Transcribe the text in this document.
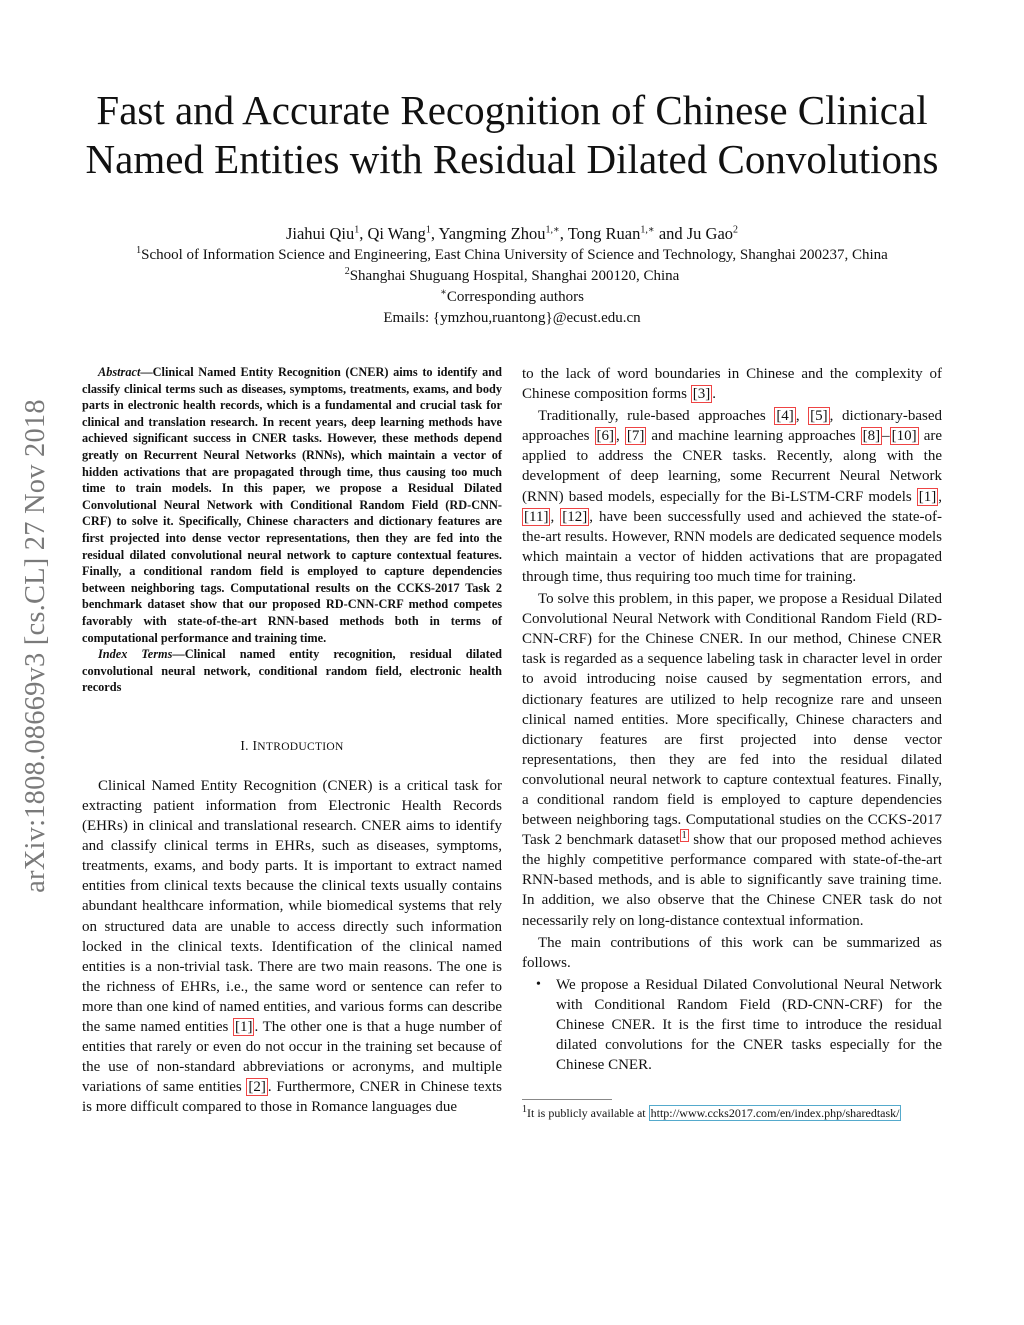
arXiv:1808.08669v3 [cs.CL] 27 Nov 2018
Fast and Accurate Recognition of Chinese Clinical
Named Entities with Residual Dilated Convolutions
Jiahui Qiu$^1$, Qi Wang$^1$, Yangming Zhou$^{1,∗}$, Tong Ruan$^{1,∗}$ and Ju Gao$^2$
$^1$School of Information Science and Engineering, East China University of Science and Technology, Shanghai 200237, China
$^2$Shanghai Shuguang Hospital, Shanghai 200120, China
∗Corresponding authors
Emails: {ymzhou,ruantong}@ecust.edu.cn

Abstract—Clinical Named Entity Recognition (CNER) aims to identify and classify clinical terms such as diseases, symptoms, treatments, exams, and body parts in electronic health records, which is a fundamental and crucial task for clinical and translation research. In recent years, deep learning methods have achieved significant success in CNER tasks. However, these methods depend greatly on Recurrent Neural Networks (RNNs), which maintain a vector of hidden activations that are propagated through time, thus causing too much time to train models. In this paper, we propose a Residual Dilated Convolutional Neural Network with Conditional Random Field (RD-CNN-CRF) to solve it. Specifically, Chinese characters and dictionary features are first projected into dense vector representations, then they are fed into the residual dilated convolutional neural network to capture contextual features. Finally, a conditional random field is employed to capture dependencies between neighboring tags. Computational results on the CCKS-2017 Task 2 benchmark dataset show that our proposed RD-CNN-CRF method competes favorably with state-of-the-art RNN-based methods both in terms of computational performance and training time.

Index Terms—Clinical named entity recognition, residual dilated convolutional neural network, conditional random field, electronic health records

I. INTRODUCTION

Clinical Named Entity Recognition (CNER) is a critical task for extracting patient information from Electronic Health Records (EHRs) in clinical and translational research. CNER aims to identify and classify clinical terms in EHRs, such as diseases, symptoms, treatments, exams, and body parts. It is important to extract named entities from clinical texts because the clinical texts usually contains abundant healthcare information, while biomedical systems that rely on structured data are unable to access directly such information locked in the clinical texts. Identification of the clinical named entities is a non-trivial task. There are two main reasons. The one is the richness of EHRs, i.e., the same word or sentence can refer to more than one kind of named entities, and various forms can describe the same named entities [1] . The other one is that a huge number of entities that rarely or even do not occur in the training set because of the use of non-standard abbreviations or acronyms, and multiple variations of same entities [2] . Furthermore, CNER in Chinese texts is more difficult compared to those in Romance languages due

to the lack of word boundaries in Chinese and the complexity of Chinese composition forms [3] .

Traditionally, rule-based approaches [4] , [5] , dictionary-based approaches [6] , [7] and machine learning approaches [8] – [10] are applied to address the CNER tasks. Recently, along with the development of deep learning, some Recurrent Neural Network (RNN) based models, especially for the Bi-LSTM-CRF models [1] , [11] , [12] , have been successfully used and achieved the state-of-the-art results. However, RNN models are dedicated sequence models which maintain a vector of hidden activations that are propagated through time, thus requiring too much time for training.

To solve this problem, in this paper, we propose a Residual Dilated Convolutional Neural Network with Conditional Random Field (RD-CNN-CRF) for the Chinese CNER. In our method, Chinese CNER task is regarded as a sequence labeling task in character level in order to avoid introducing noise caused by segmentation errors, and dictionary features are utilized to help recognize rare and unseen clinical named entities. More specifically, Chinese characters and dictionary features are first projected into dense vector representations, then they are fed into the residual dilated convolutional neural network to capture contextual features. Finally, a conditional random field is employed to capture dependencies between neighboring tags. Computational studies on the CCKS-2017 Task 2 benchmark dataset $^1$ show that our proposed method achieves the highly competitive performance compared with state-of-the-art RNN-based methods, and is able to significantly save training time. In addition, we also observe that the Chinese CNER task do not necessarily rely on long-distance contextual information.

The main contributions of this work can be summarized as follows.

• We propose a Residual Dilated Convolutional Neural Network with Conditional Random Field (RD-CNN-CRF) for the Chinese CNER. It is the first time to introduce the residual dilated convolutions for the CNER tasks especially for the Chinese CNER.
$^1$It is publicly available at http://www.ccks2017.com/en/index.php/sharedtask/
